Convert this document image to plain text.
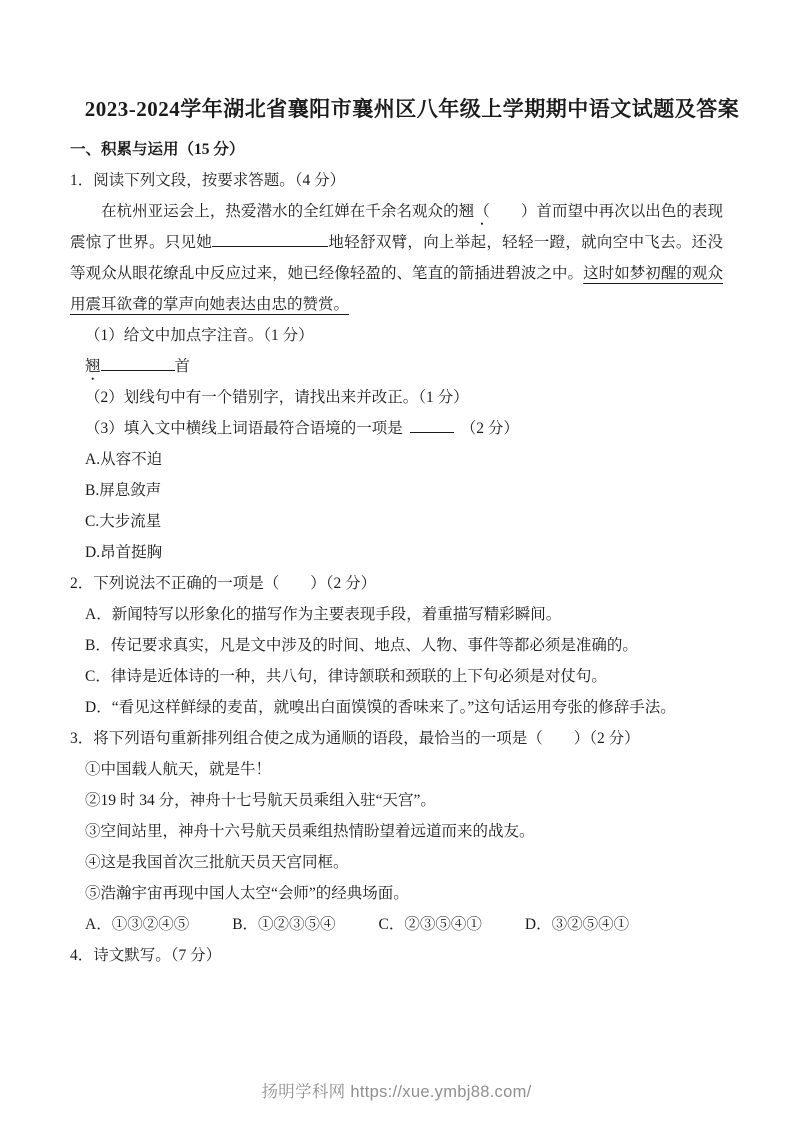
2023-2024学年湖北省襄阳市襄州区八年级上学期期中语文试题及答案

一、积累与运用（15 分）

1．阅读下列文段，按要求答题。（4 分）

在杭州亚运会上，热爱潜水的全红婵在千余名观众的翘（　　）首而望中再次以出色的表现震惊了世界。只见她	地轻舒双臂，向上举起，轻轻一蹬，就向空中飞去。还没等观众从眼花缭乱中反应过来，她已经像轻盈的、笔直的箭插进碧波之中。这时如梦初醒的观众用震耳欲聋的掌声向她表达由忠的赞赏。

（1）给文中加点字注音。（1 分）

翘	首

（2）划线句中有一个错别字，请找出来并改正。（1 分）

（3）填入文中横线上词语最符合语境的一项是	（2 分）

A.从容不迫

B.屏息敛声

C.大步流星

D.昂首挺胸

2．下列说法不正确的一项是（　　）（2 分）

A．新闻特写以形象化的描写作为主要表现手段，着重描写精彩瞬间。

B．传记要求真实，凡是文中涉及的时间、地点、人物、事件等都必须是准确的。

C．律诗是近体诗的一种，共八句，律诗颔联和颈联的上下句必须是对仗句。

D．“看见这样鲜绿的麦苗，就嗅出白面馍馍的香味来了。”这句话运用夸张的修辞手法。

3．将下列语句重新排列组合使之成为通顺的语段，最恰当的一项是（　　）（2 分）

①中国载人航天，就是牛！

②19 时 34 分，神舟十七号航天员乘组入驻“天宫”。

③空间站里，神舟十六号航天员乘组热情盼望着远道而来的战友。

④这是我国首次三批航天员天宫同框。

⑤浩瀚宇宙再现中国人太空“会师”的经典场面。

A．①③②④⑤	B．①②③⑤④	C．②③⑤④①	D．③②⑤④①

4．诗文默写。（7 分）

扬明学科网 https://xue.ymbj88.com/
